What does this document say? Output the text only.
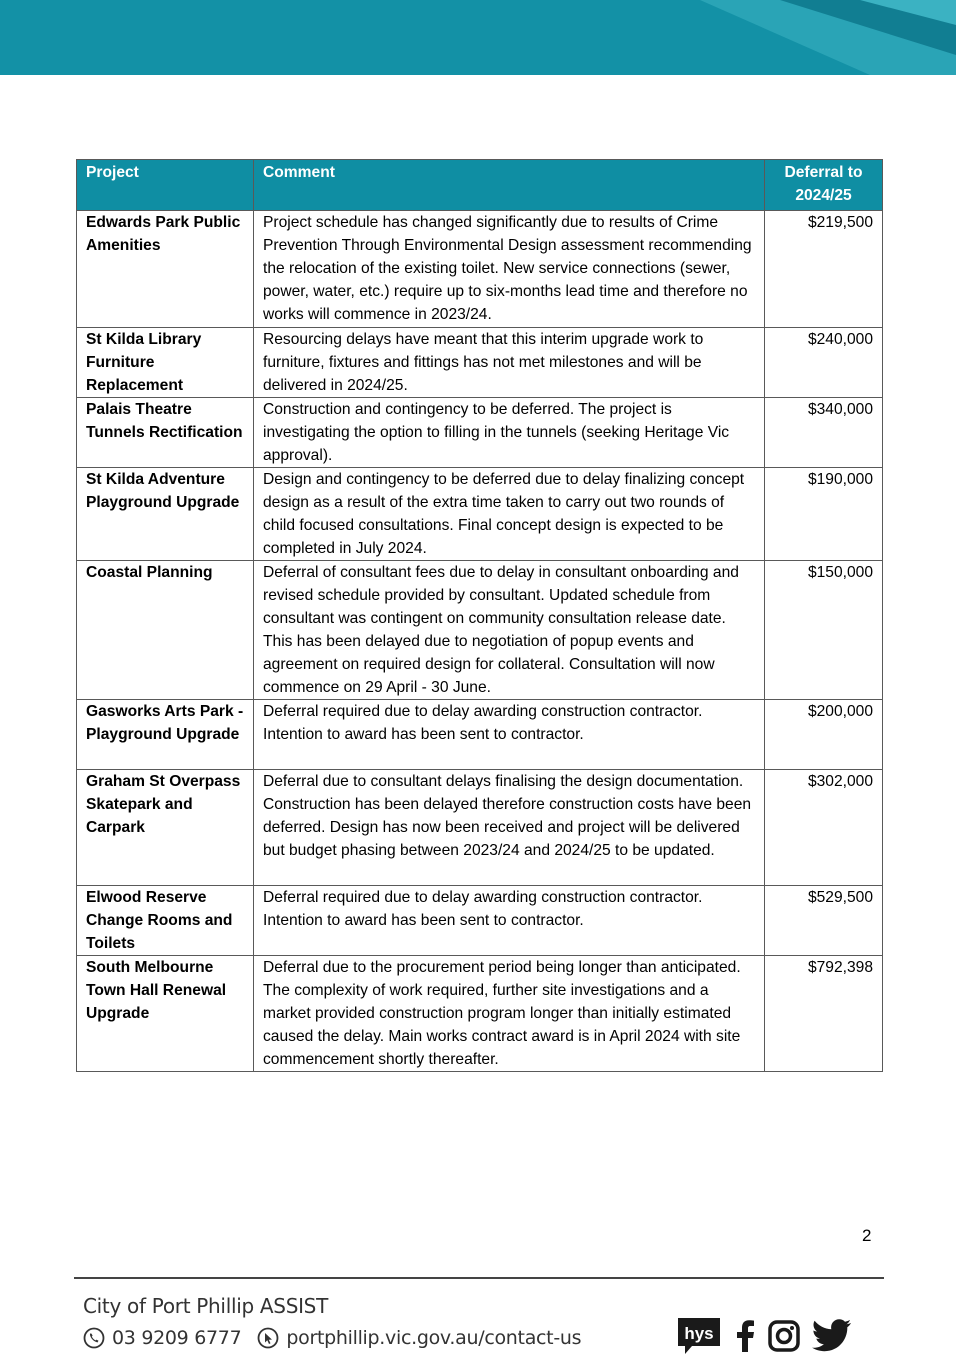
Project	Comment	Deferral to 2024/25
Edwards Park Public Amenities	Project schedule has changed significantly due to results of Crime Prevention Through Environmental Design assessment recommending the relocation of the existing toilet. New service connections (sewer, power, water, etc.) require up to six-months lead time and therefore no works will commence in 2023/24.	$219,500
St Kilda Library Furniture Replacement	Resourcing delays have meant that this interim upgrade work to furniture, fixtures and fittings has not met milestones and will be delivered in 2024/25.	$240,000
Palais Theatre Tunnels Rectification	Construction and contingency to be deferred. The project is investigating the option to filling in the tunnels (seeking Heritage Vic approval).	$340,000
St Kilda Adventure Playground Upgrade	Design and contingency to be deferred due to delay finalizing concept design as a result of the extra time taken to carry out two rounds of child focused consultations. Final concept design is expected to be completed in July 2024.	$190,000
Coastal Planning	Deferral of consultant fees due to delay in consultant onboarding and revised schedule provided by consultant. Updated schedule from consultant was contingent on community consultation release date. This has been delayed due to negotiation of popup events and agreement on required design for collateral. Consultation will now commence on 29 April - 30 June.	$150,000
Gasworks Arts Park - Playground Upgrade	Deferral required due to delay awarding construction contractor. Intention to award has been sent to contractor.	$200,000
Graham St Overpass Skatepark and Carpark	Deferral due to consultant delays finalising the design documentation. Construction has been delayed therefore construction costs have been deferred. Design has now been received and project will be delivered but budget phasing between 2023/24 and 2024/25 to be updated.	$302,000
Elwood Reserve Change Rooms and Toilets	Deferral required due to delay awarding construction contractor. Intention to award has been sent to contractor.	$529,500
South Melbourne Town Hall Renewal Upgrade	Deferral due to the procurement period being longer than anticipated. The complexity of work required, further site investigations and a market provided construction program longer than initially estimated caused the delay. Main works contract award is in April 2024 with site commencement shortly thereafter.	$792,398
2
City of Port Phillip ASSIST
03 9209 6777 portphillip.vic.gov.au/contact-us	hys
